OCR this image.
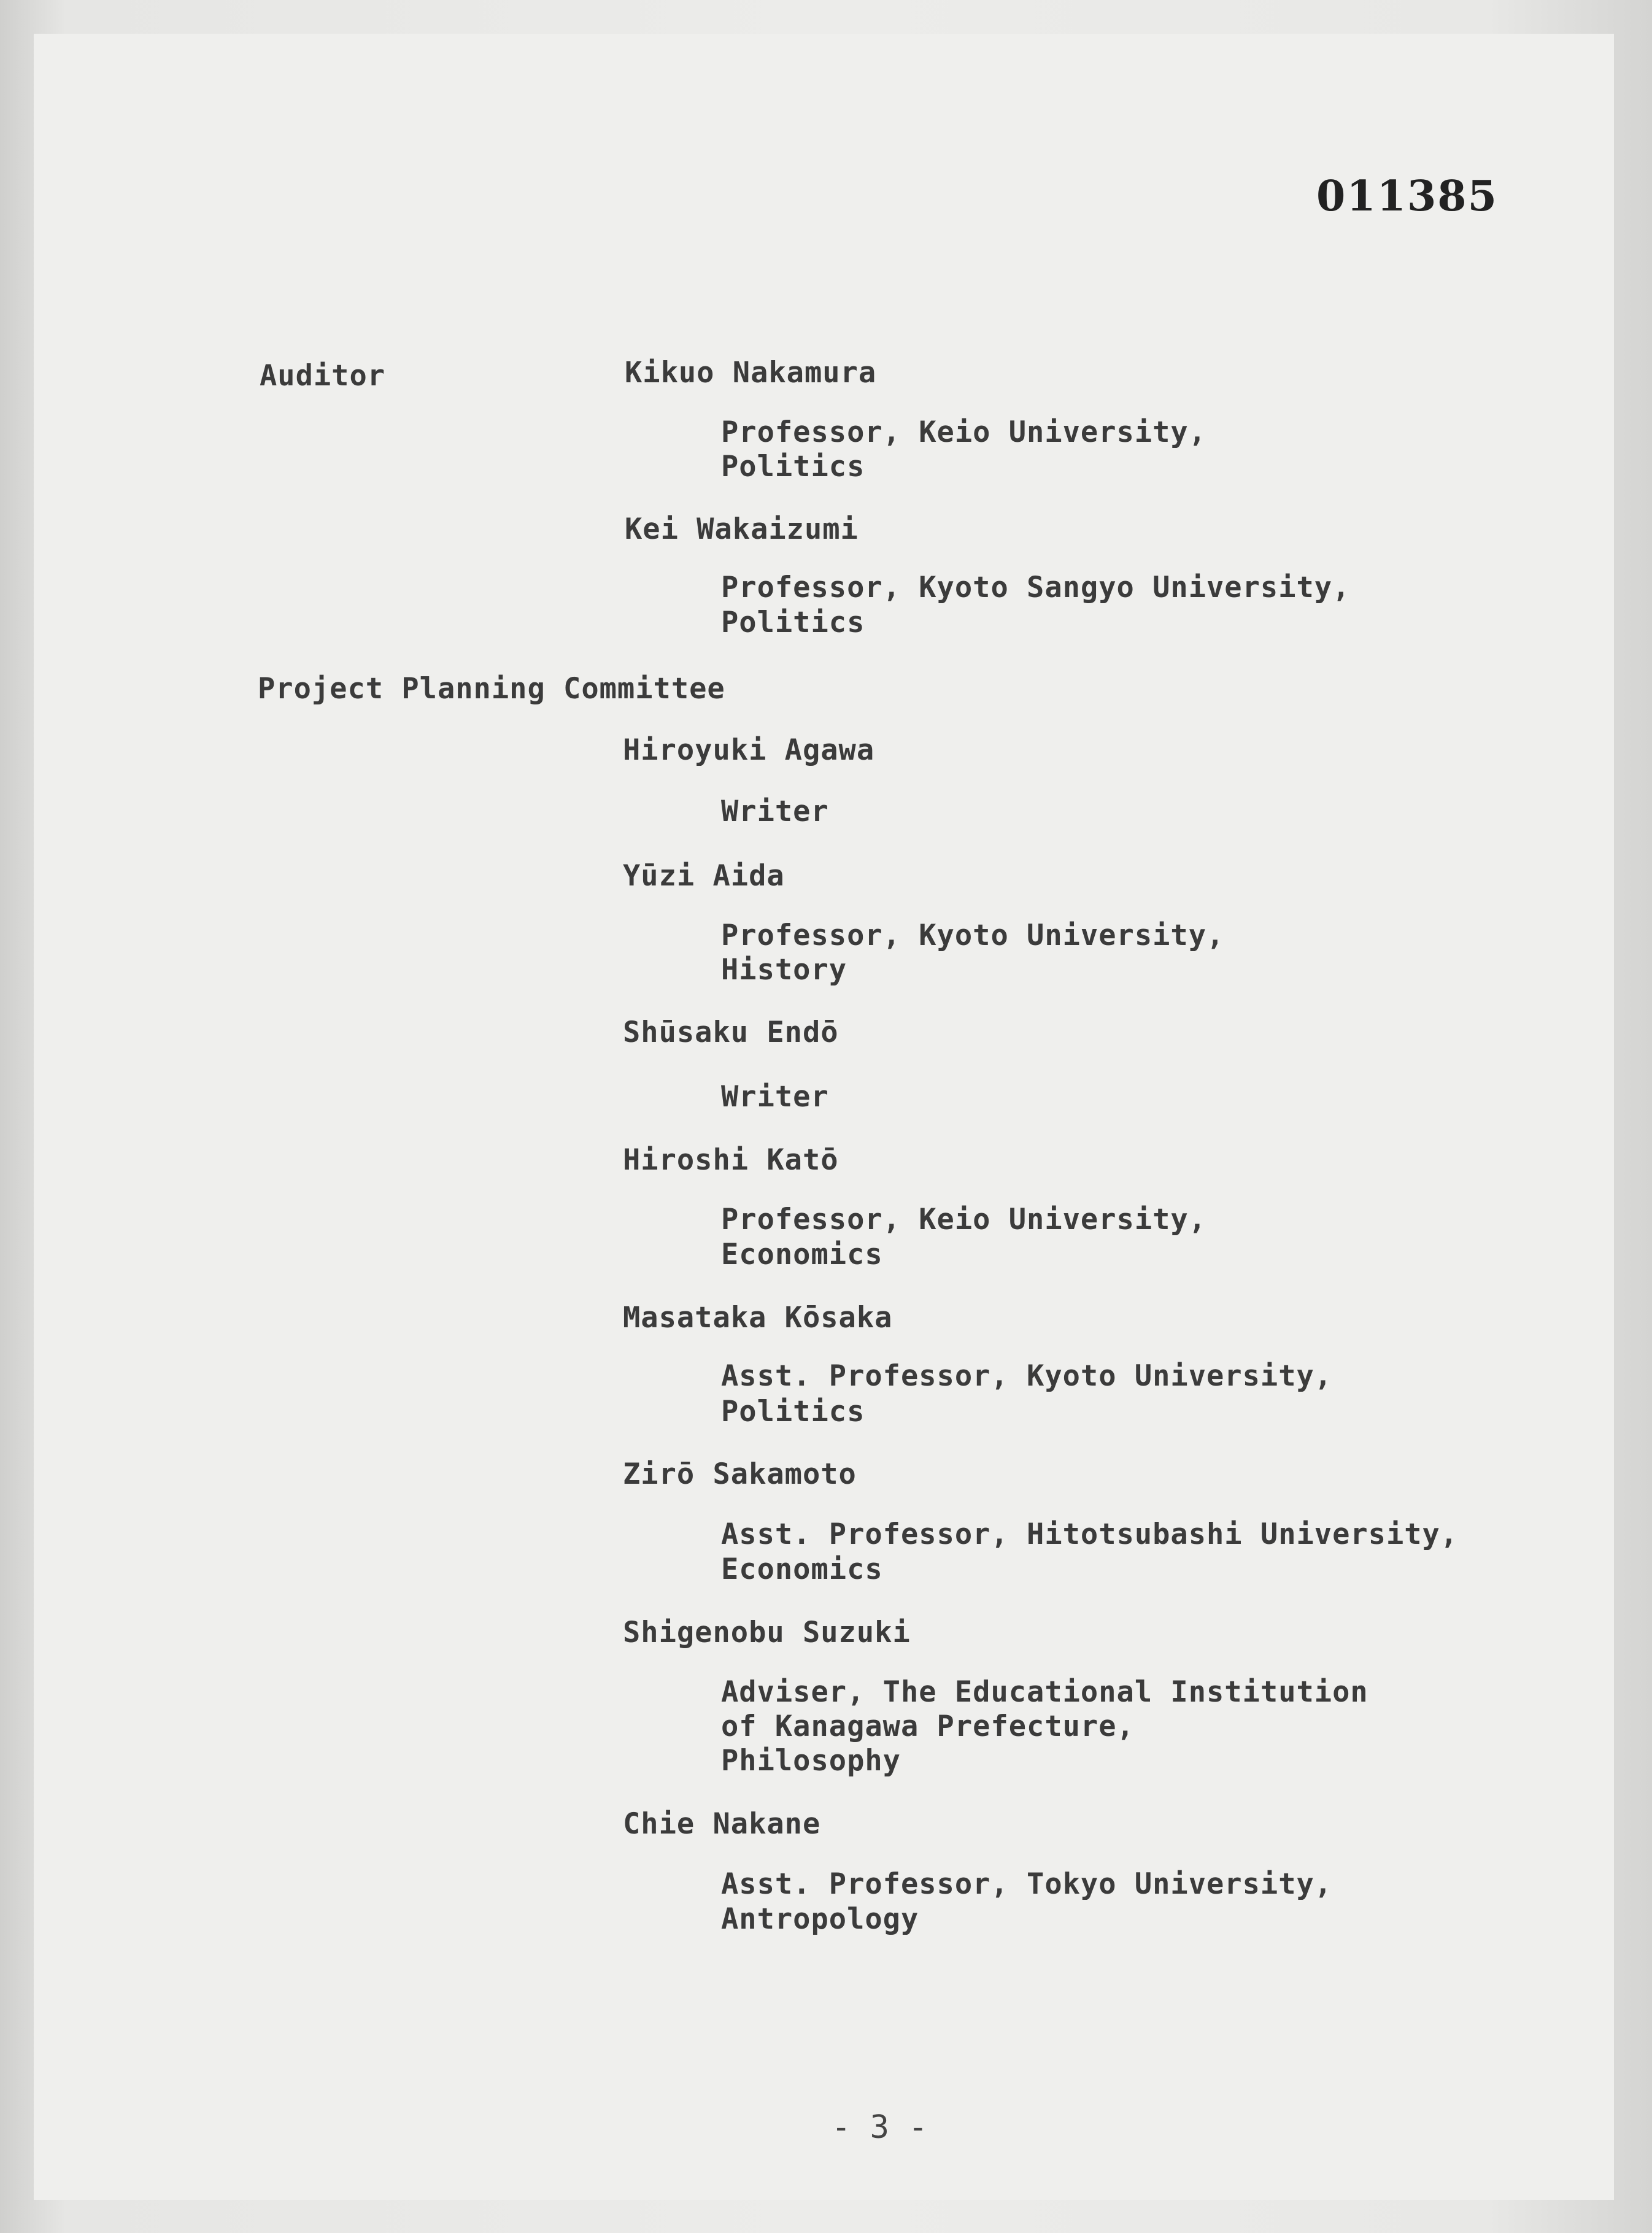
011385
Auditor	Kikuo Nakamura
Professor, Keio University,
Politics
Kei Wakaizumi
Professor, Kyoto Sangyo University,
Politics
Project Planning Committee
Hiroyuki Agawa
Writer
Yūzi Aida
Professor, Kyoto University,
History
Shūsaku Endō
Writer
Hiroshi Katō
Professor, Keio University,
Economics
Masataka Kōsaka
Asst. Professor, Kyoto University,
Politics
Zirō Sakamoto
Asst. Professor, Hitotsubashi University,
Economics
Shigenobu Suzuki
Adviser, The Educational Institution
of Kanagawa Prefecture,
Philosophy
Chie Nakane
Asst. Professor, Tokyo University,
Antropology
- 3 -
